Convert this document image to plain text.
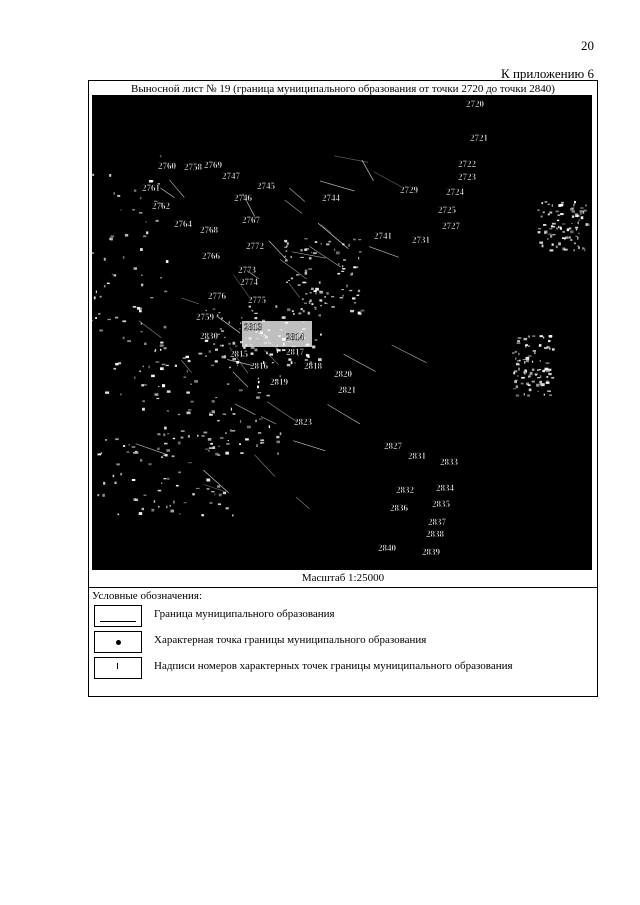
20
К приложению 6
Выносной лист № 19 (граница муниципального образования от точки 2720 до точки 2840)
2720
2721
2722
2723
2724
2725
2727
2729
2731
2741
2744
2745
2746
2747
2758
2759
2760
2761
2762
2764
2766
2767
2768
2769
2772
2773
2774
2775
2776
2813
2814
2815
2816
2817
2818
2819
2820
2821
2823
2827
2830
2831
2832
2833
2834
2835
2836
2837
2838
2839
2840
Масштаб 1:25000
Условные обозначения:
Граница муниципального образования
Характерная точка границы муниципального образования
Надписи номеров характерных точек границы муниципального образования
